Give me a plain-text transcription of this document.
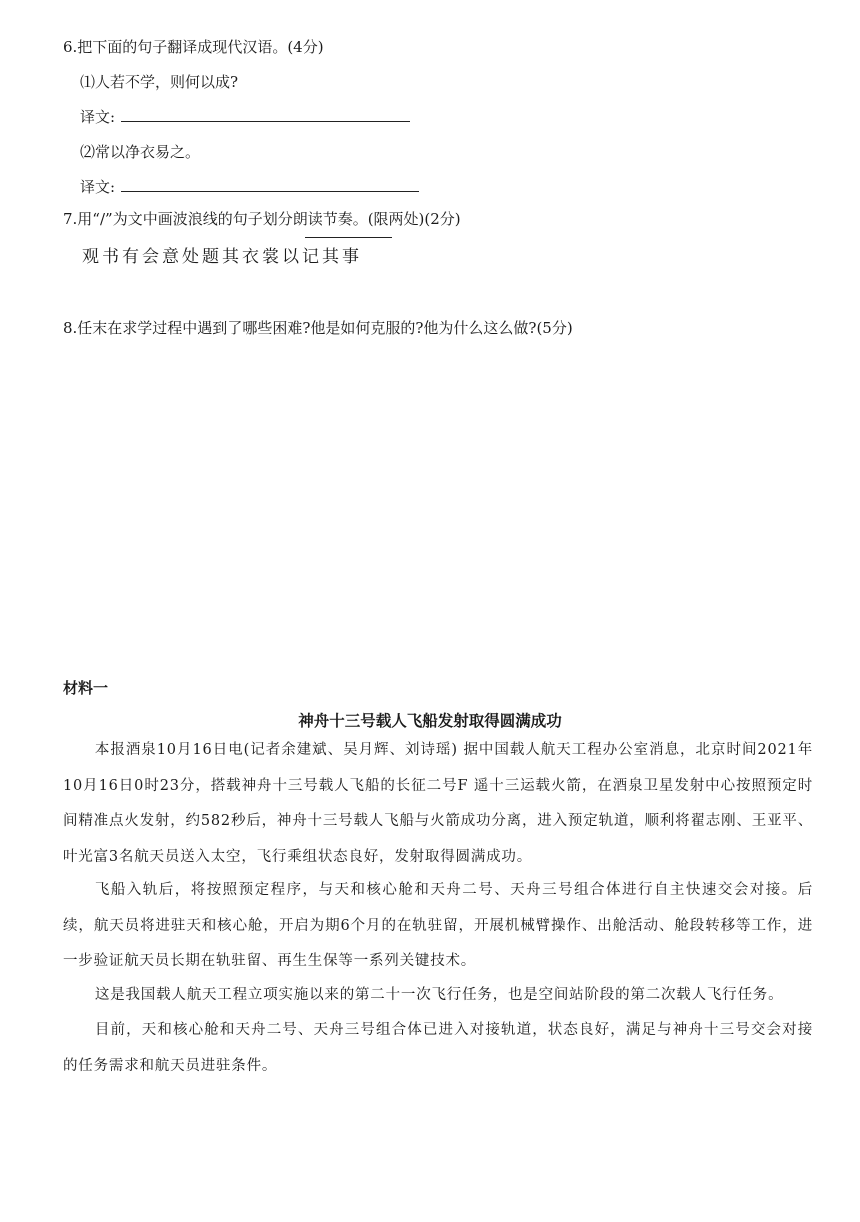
6.把下面的句子翻译成现代汉语。(4分)
⑴人若不学，则何以成?
译文:
⑵常以净衣易之。
译文:
7.用“/”为文中画波浪线的句子划分朗读节奏。(限两处)(2分)
观书有会意处题其衣裳以记其事
8.任末在求学过程中遇到了哪些困难?他是如何克服的?他为什么这么做?(5分)
材料一
神舟十三号载人飞船发射取得圆满成功
本报酒泉10月16日电(记者余建斌、吴月辉、刘诗瑶) 据中国载人航天工程办公室消息，北京时间2021年10月16日0时23分，搭载神舟十三号载人飞船的长征二号F 遥十三运载火箭，在酒泉卫星发射中心按照预定时间精准点火发射，约582秒后，神舟十三号载人飞船与火箭成功分离，进入预定轨道，顺利将翟志刚、王亚平、叶光富3名航天员送入太空，飞行乘组状态良好，发射取得圆满成功。
飞船入轨后，将按照预定程序，与天和核心舱和天舟二号、天舟三号组合体进行自主快速交会对接。后续，航天员将进驻天和核心舱，开启为期6个月的在轨驻留，开展机械臂操作、出舱活动、舱段转移等工作，进一步验证航天员长期在轨驻留、再生生保等一系列关键技术。
这是我国载人航天工程立项实施以来的第二十一次飞行任务，也是空间站阶段的第二次载人飞行任务。
目前，天和核心舱和天舟二号、天舟三号组合体已进入对接轨道，状态良好，满足与神舟十三号交会对接的任务需求和航天员进驻条件。
